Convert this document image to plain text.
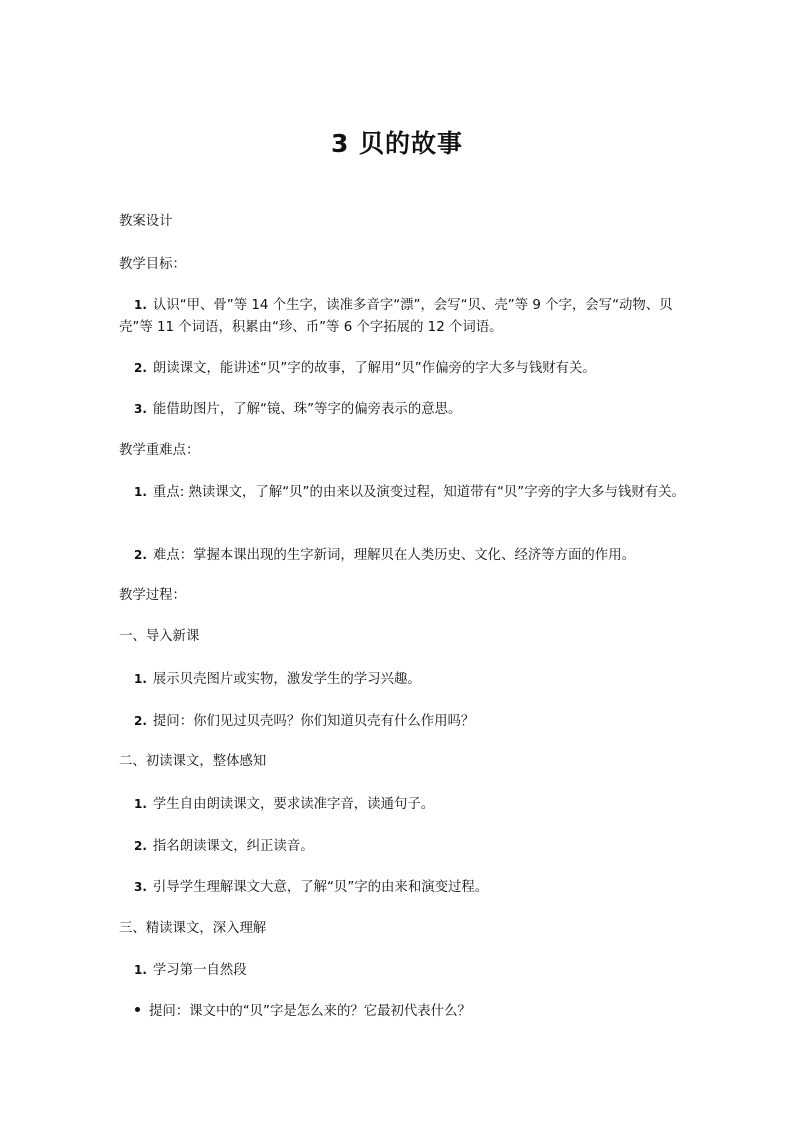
3 贝的故事
教案设计
教学目标：
1. 认识“甲、骨”等 14 个生字，读准多音字“漂”，会写“贝、壳”等 9 个字，会写“动物、贝壳”等 11 个词语，积累由“珍、币”等 6 个字拓展的 12 个词语。
2. 朗读课文，能讲述“贝”字的故事，了解用“贝”作偏旁的字大多与钱财有关。
3. 能借助图片，了解“镜、珠”等字的偏旁表示的意思。
教学重难点：
1. 重点: 熟读课文，了解“贝”的由来以及演变过程，知道带有“贝”字旁的字大多与钱财有关。
2. 难点：掌握本课出现的生字新词，理解贝在人类历史、文化、经济等方面的作用。
教学过程：
一、导入新课
1. 展示贝壳图片或实物，激发学生的学习兴趣。
2. 提问：你们见过贝壳吗？你们知道贝壳有什么作用吗？
二、初读课文，整体感知
1. 学生自由朗读课文，要求读准字音，读通句子。
2. 指名朗读课文，纠正读音。
3. 引导学生理解课文大意，了解“贝”字的由来和演变过程。
三、精读课文，深入理解
1. 学习第一自然段
提问：课文中的“贝”字是怎么来的？它最初代表什么？
